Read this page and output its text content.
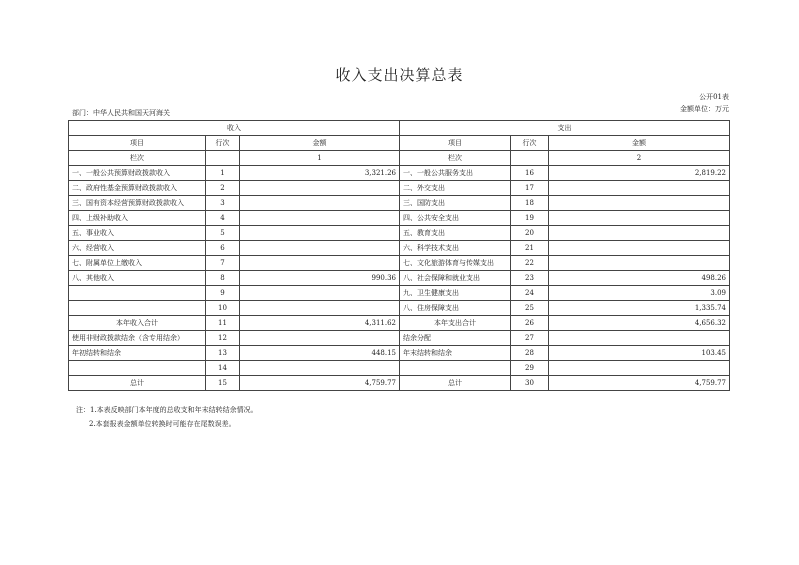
收入支出决算总表
公开01表
部门：中华人民共和国天河海关	金额单位：万元
收入			支出		
项目	行次	金额	项目	行次	金额
栏次		1	栏次		2
一、一般公共预算财政拨款收入	1	3,321.26	一、一般公共服务支出	16	2,819.22
二、政府性基金预算财政拨款收入	2		二、外交支出	17	
三、国有资本经营预算财政拨款收入	3		三、国防支出	18	
四、上级补助收入	4		四、公共安全支出	19	
五、事业收入	5		五、教育支出	20	
六、经营收入	6		六、科学技术支出	21	
七、附属单位上缴收入	7		七、文化旅游体育与传媒支出	22	
八、其他收入	8	990.36	八、社会保障和就业支出	23	498.26
	9		九、卫生健康支出	24	3.09
	10		八、住房保障支出	25	1,335.74
本年收入合计	11	4,311.62	本年支出合计	26	4,656.32
使用非财政拨款结余（含专用结余）	12		结余分配	27	
年初结转和结余	13	448.15	年末结转和结余	28	103.45
	14			29	
总计	15	4,759.77	总计	30	4,759.77
注：1.本表反映部门本年度的总收支和年末结转结余情况。
2.本套报表金额单位转换时可能存在尾数误差。
